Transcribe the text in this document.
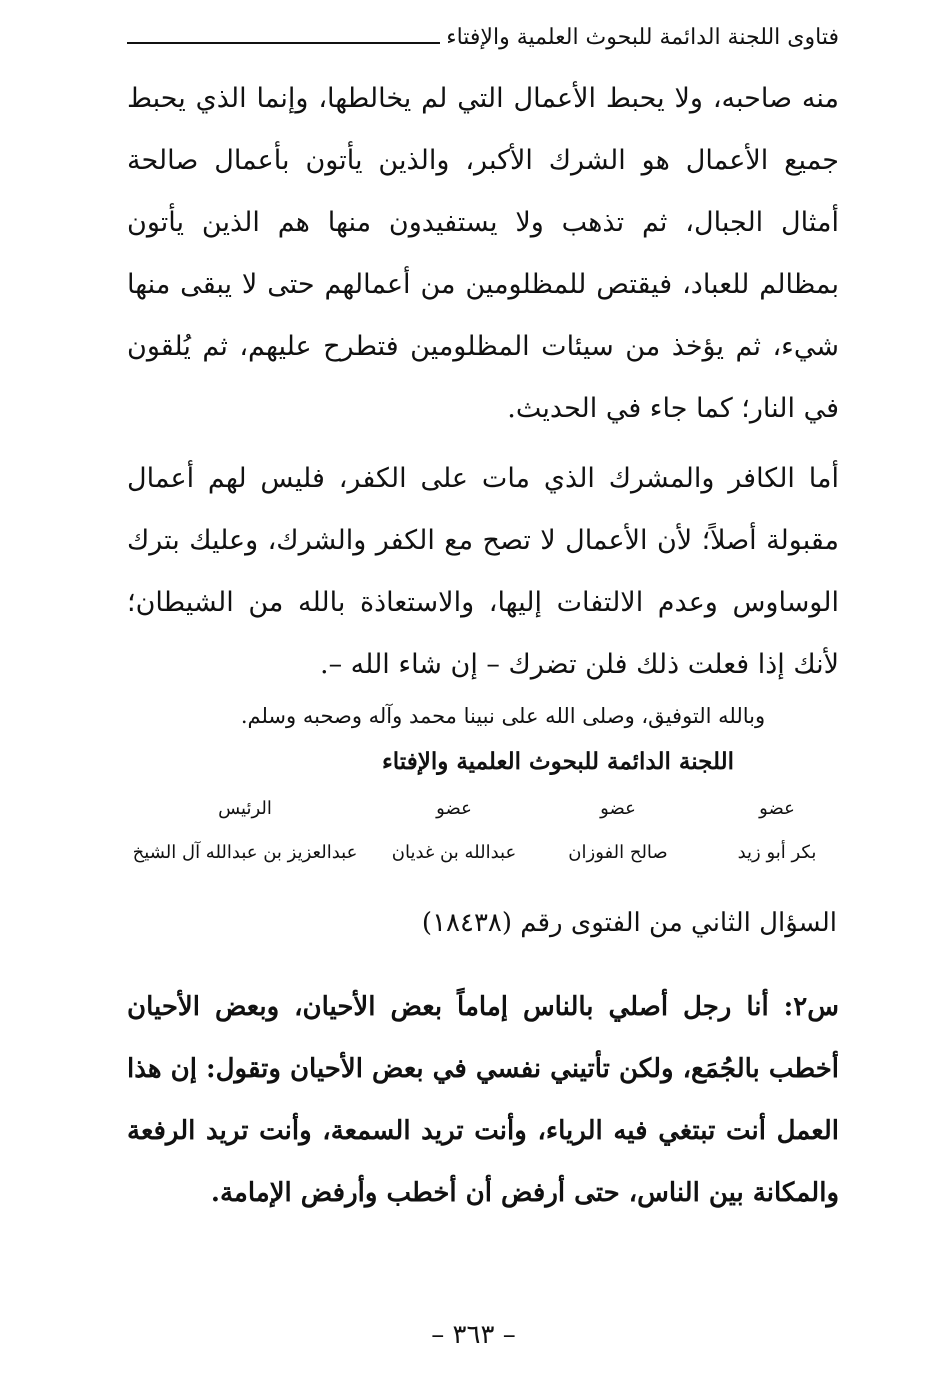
فتاوى اللجنة الدائمة للبحوث العلمية والإفتاء

منه صاحبه، ولا يحبط الأعمال التي لم يخالطها، وإنما الذي يحبط جميع الأعمال هو الشرك الأكبر، والذين يأتون بأعمال صالحة أمثال الجبال، ثم تذهب ولا يستفيدون منها هم الذين يأتون بمظالم للعباد، فيقتص للمظلومين من أعمالهم حتى لا يبقى منها شيء، ثم يؤخذ من سيئات المظلومين فتطرح عليهم، ثم يُلقون في النار؛ كما جاء في الحديث.

أما الكافر والمشرك الذي مات على الكفر، فليس لهم أعمال مقبولة أصلاً؛ لأن الأعمال لا تصح مع الكفر والشرك، وعليك بترك الوساوس وعدم الالتفات إليها، والاستعاذة بالله من الشيطان؛ لأنك إذا فعلت ذلك فلن تضرك – إن شاء الله –.

وبالله التوفيق، وصلى الله على نبينا محمد وآله وصحبه وسلم.
اللجنة الدائمة للبحوث العلمية والإفتاء
عضو
عضو
عضو
الرئيس
بكر أبو زيد
صالح الفوزان
عبدالله بن غديان
عبدالعزيز بن عبدالله آل الشيخ
السؤال الثاني من الفتوى رقم (١٨٤٣٨)

س٢: أنا رجل أصلي بالناس إماماً بعض الأحيان، وبعض الأحيان أخطب بالجُمَع، ولكن تأتيني نفسي في بعض الأحيان وتقول: إن هذا العمل أنت تبتغي فيه الرياء، وأنت تريد السمعة، وأنت تريد الرفعة والمكانة بين الناس، حتى أرفض أن أخطب وأرفض الإمامة.

– ٣٦٣ –
